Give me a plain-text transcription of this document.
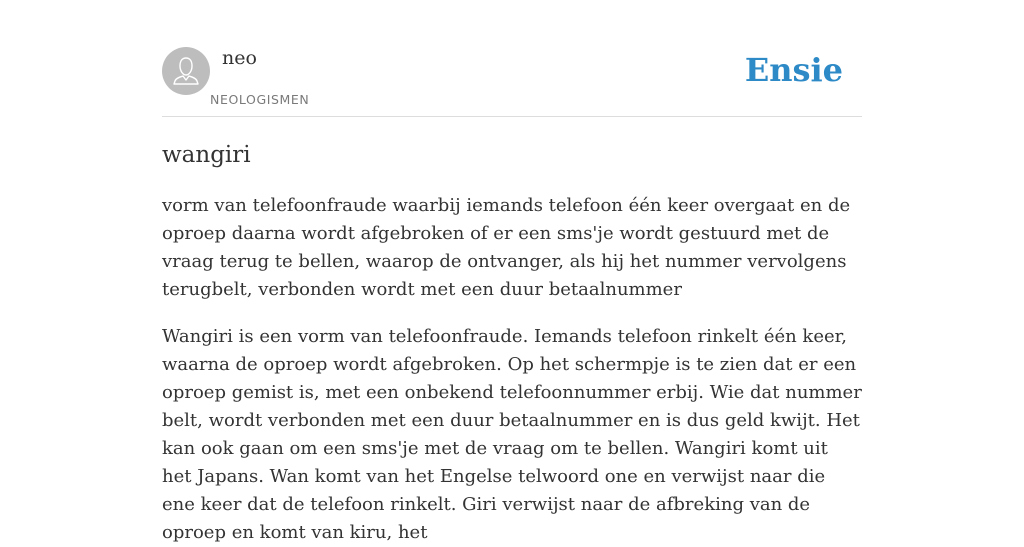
neo
NEOLOGISMEN
Ensie
wangiri

vorm van telefoonfraude waarbij iemands telefoon één keer overgaat en de oproep daarna wordt afgebroken of er een sms'je wordt gestuurd met de vraag terug te bellen, waarop de ontvanger, als hij het nummer vervolgens terugbelt, verbonden wordt met een duur betaalnummer

Wangiri is een vorm van telefoonfraude. Iemands telefoon rinkelt één keer, waarna de oproep wordt afgebroken. Op het schermpje is te zien dat er een oproep gemist is, met een onbekend telefoonnummer erbij. Wie dat nummer belt, wordt verbonden met een duur betaalnummer en is dus geld kwijt. Het kan ook gaan om een sms'je met de vraag om te bellen. Wangiri komt uit het Japans. Wan komt van het Engelse telwoord one en verwijst naar die ene keer dat de telefoon rinkelt. Giri verwijst naar de afbreking van de oproep en komt van kiru, het
